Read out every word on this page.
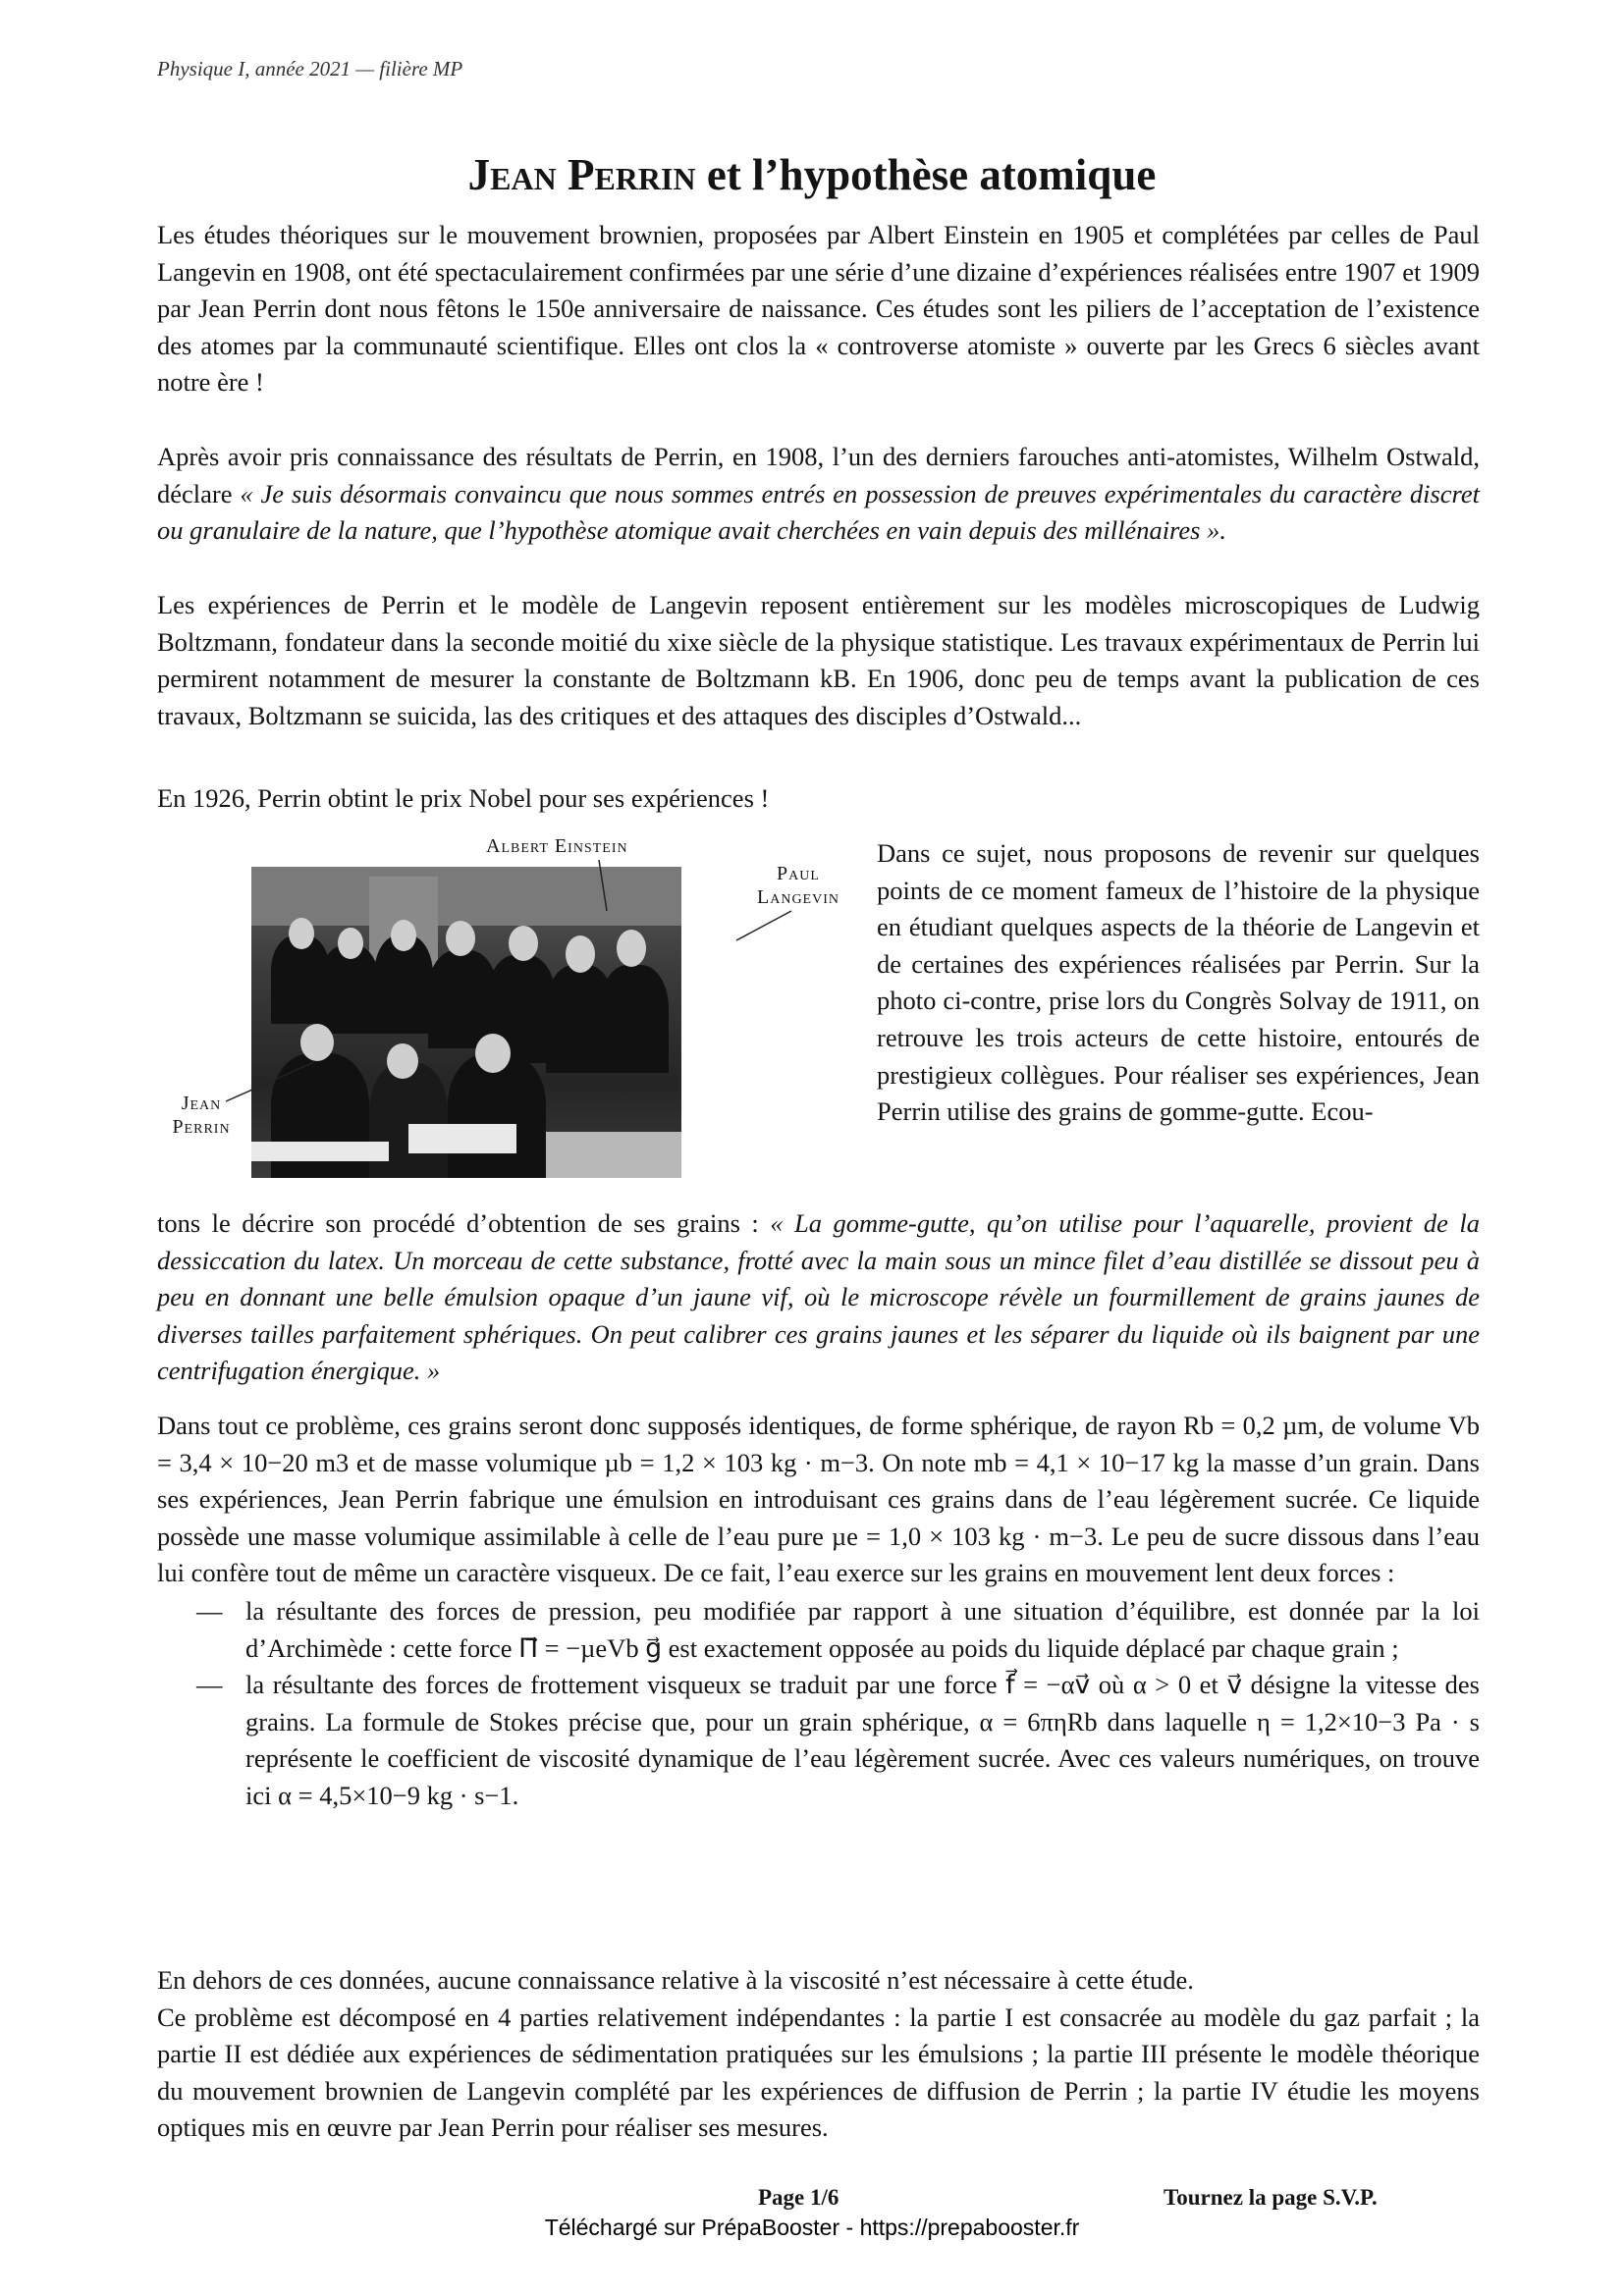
Physique I, année 2021 — filière MP
Jean Perrin et l’hypothèse atomique

Les études théoriques sur le mouvement brownien, proposées par Albert Einstein en 1905 et complétées par celles de Paul Langevin en 1908, ont été spectaculairement confirmées par une série d’une dizaine d’expériences réalisées entre 1907 et 1909 par Jean Perrin dont nous fêtons le 150e anniversaire de naissance. Ces études sont les piliers de l’acceptation de l’existence des atomes par la communauté scientifique. Elles ont clos la « controverse atomiste » ouverte par les Grecs 6 siècles avant notre ère !

Après avoir pris connaissance des résultats de Perrin, en 1908, l’un des derniers farouches anti-atomistes, Wilhelm Ostwald, déclare « Je suis désormais convaincu que nous sommes entrés en possession de preuves expérimentales du caractère discret ou granulaire de la nature, que l’hypothèse atomique avait cherchées en vain depuis des millénaires ».

Les expériences de Perrin et le modèle de Langevin reposent entièrement sur les modèles microscopiques de Ludwig Boltzmann, fondateur dans la seconde moitié du xixe siècle de la physique statistique. Les travaux expérimentaux de Perrin lui permirent notamment de mesurer la constante de Boltzmann kB. En 1906, donc peu de temps avant la publication de ces travaux, Boltzmann se suicida, las des critiques et des attaques des disciples d’Ostwald...

En 1926, Perrin obtint le prix Nobel pour ses expériences !

Albert Einstein
Paul
Langevin
Jean
Perrin

Dans ce sujet, nous proposons de revenir sur quelques points de ce moment fameux de l’histoire de la physique en étudiant quelques aspects de la théorie de Langevin et de certaines des expériences réalisées par Perrin. Sur la photo ci-contre, prise lors du Congrès Solvay de 1911, on retrouve les trois acteurs de cette histoire, entourés de prestigieux collègues. Pour réaliser ses expériences, Jean Perrin utilise des grains de gomme-gutte. Ecou-

tons le décrire son procédé d’obtention de ses grains : « La gomme-gutte, qu’on utilise pour l’aquarelle, provient de la dessiccation du latex. Un morceau de cette substance, frotté avec la main sous un mince filet d’eau distillée se dissout peu à peu en donnant une belle émulsion opaque d’un jaune vif, où le microscope révèle un fourmillement de grains jaunes de diverses tailles parfaitement sphériques. On peut calibrer ces grains jaunes et les séparer du liquide où ils baignent par une centrifugation énergique. »

Dans tout ce problème, ces grains seront donc supposés identiques, de forme sphérique, de rayon Rb = 0,2 µm, de volume Vb = 3,4 × 10−20 m3 et de masse volumique µb = 1,2 × 103 kg · m−3. On note mb = 4,1 × 10−17 kg la masse d’un grain. Dans ses expériences, Jean Perrin fabrique une émulsion en introduisant ces grains dans de l’eau légèrement sucrée. Ce liquide possède une masse volumique assimilable à celle de l’eau pure µe = 1,0 × 103 kg · m−3. Le peu de sucre dissous dans l’eau lui confère tout de même un caractère visqueux. De ce fait, l’eau exerce sur les grains en mouvement lent deux forces :

— la résultante des forces de pression, peu modifiée par rapport à une situation d’équilibre, est donnée par la loi d’Archimède : cette force Π⃗ = −µeVb g⃗ est exactement opposée au poids du liquide déplacé par chaque grain ;
— la résultante des forces de frottement visqueux se traduit par une force f⃗ = −αv⃗ où α > 0 et v⃗ désigne la vitesse des grains. La formule de Stokes précise que, pour un grain sphérique, α = 6πηRb dans laquelle η = 1,2×10−3 Pa · s représente le coefficient de viscosité dynamique de l’eau légèrement sucrée. Avec ces valeurs numériques, on trouve ici α = 4,5×10−9 kg · s−1.
En dehors de ces données, aucune connaissance relative à la viscosité n’est nécessaire à cette étude.
Ce problème est décomposé en 4 parties relativement indépendantes : la partie I est consacrée au modèle du gaz parfait ; la partie II est dédiée aux expériences de sédimentation pratiquées sur les émulsions ; la partie III présente le modèle théorique du mouvement brownien de Langevin complété par les expériences de diffusion de Perrin ; la partie IV étudie les moyens optiques mis en œuvre par Jean Perrin pour réaliser ses mesures.
Page 1/6	Tournez la page S.V.P.
Téléchargé sur PrépaBooster - https://prepabooster.fr
